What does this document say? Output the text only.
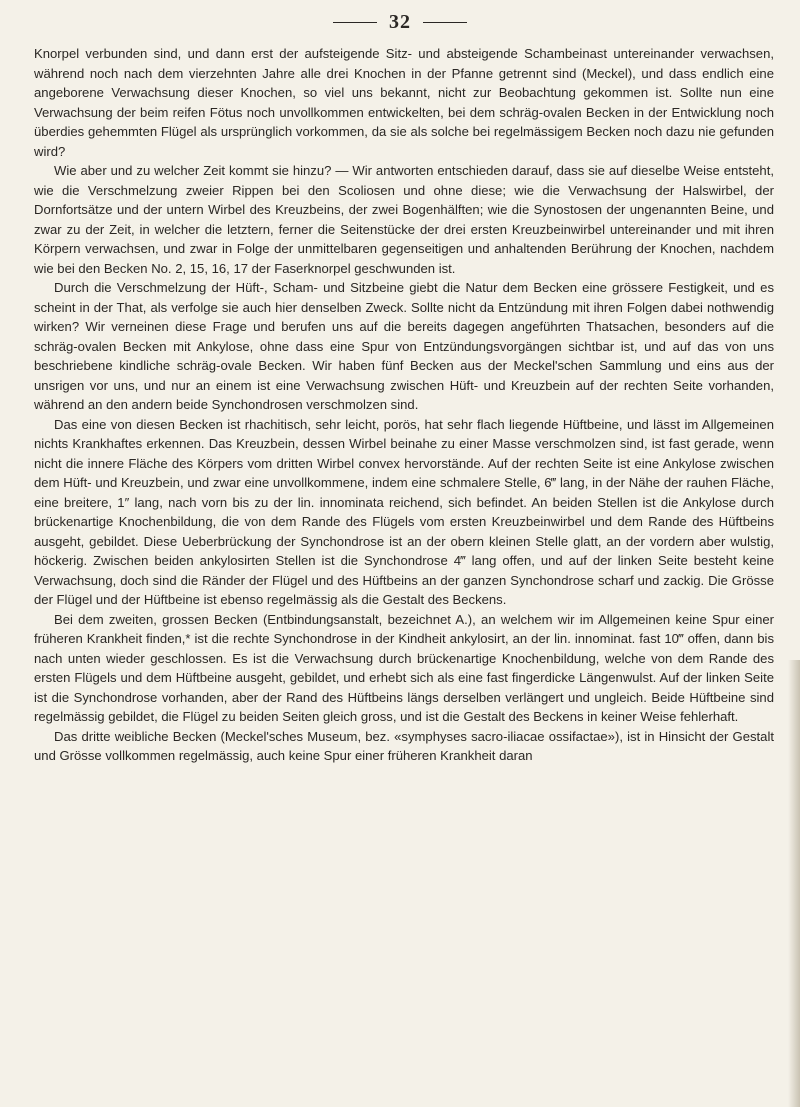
32

Knorpel verbunden sind, und dann erst der aufsteigende Sitz- und absteigende Schambeinast untereinander verwachsen, während noch nach dem vierzehnten Jahre alle drei Knochen in der Pfanne getrennt sind (Meckel), und dass endlich eine angeborene Verwachsung dieser Knochen, so viel uns bekannt, nicht zur Beobachtung gekommen ist. Sollte nun eine Verwachsung der beim reifen Fötus noch unvollkommen entwickelten, bei dem schräg-ovalen Becken in der Entwicklung noch überdies gehemmten Flügel als ursprünglich vorkommen, da sie als solche bei regelmässigem Becken noch dazu nie gefunden wird?

Wie aber und zu welcher Zeit kommt sie hinzu? — Wir antworten entschieden darauf, dass sie auf dieselbe Weise entsteht, wie die Verschmelzung zweier Rippen bei den Scoliosen und ohne diese; wie die Verwachsung der Halswirbel, der Dornfortsätze und der untern Wirbel des Kreuzbeins, der zwei Bogenhälften; wie die Synostosen der ungenannten Beine, und zwar zu der Zeit, in welcher die letztern, ferner die Seitenstücke der drei ersten Kreuzbeinwirbel untereinander und mit ihren Körpern verwachsen, und zwar in Folge der unmittelbaren gegenseitigen und anhaltenden Berührung der Knochen, nachdem wie bei den Becken No. 2, 15, 16, 17 der Faserknorpel geschwunden ist.

Durch die Verschmelzung der Hüft-, Scham- und Sitzbeine giebt die Natur dem Becken eine grössere Festigkeit, und es scheint in der That, als verfolge sie auch hier denselben Zweck. Sollte nicht da Entzündung mit ihren Folgen dabei nothwendig wirken? Wir verneinen diese Frage und berufen uns auf die bereits dagegen angeführten Thatsachen, besonders auf die schräg-ovalen Becken mit Ankylose, ohne dass eine Spur von Entzündungsvorgängen sichtbar ist, und auf das von uns beschriebene kindliche schräg-ovale Becken. Wir haben fünf Becken aus der Meckel'schen Sammlung und eins aus der unsrigen vor uns, und nur an einem ist eine Verwachsung zwischen Hüft- und Kreuzbein auf der rechten Seite vorhanden, während an den andern beide Synchondrosen verschmolzen sind.

Das eine von diesen Becken ist rhachitisch, sehr leicht, porös, hat sehr flach liegende Hüftbeine, und lässt im Allgemeinen nichts Krankhaftes erkennen. Das Kreuzbein, dessen Wirbel beinahe zu einer Masse verschmolzen sind, ist fast gerade, wenn nicht die innere Fläche des Körpers vom dritten Wirbel convex hervorstände. Auf der rechten Seite ist eine Ankylose zwischen dem Hüft- und Kreuzbein, und zwar eine unvollkommene, indem eine schmalere Stelle, 6‴ lang, in der Nähe der rauhen Fläche, eine breitere, 1″ lang, nach vorn bis zu der lin. innominata reichend, sich befindet. An beiden Stellen ist die Ankylose durch brückenartige Knochenbildung, die von dem Rande des Flügels vom ersten Kreuzbeinwirbel und dem Rande des Hüftbeins ausgeht, gebildet. Diese Ueberbrückung der Synchondrose ist an der obern kleinen Stelle glatt, an der vordern aber wulstig, höckerig. Zwischen beiden ankylosirten Stellen ist die Synchondrose 4‴ lang offen, und auf der linken Seite besteht keine Verwachsung, doch sind die Ränder der Flügel und des Hüftbeins an der ganzen Synchondrose scharf und zackig. Die Grösse der Flügel und der Hüftbeine ist ebenso regelmässig als die Gestalt des Beckens.

Bei dem zweiten, grossen Becken (Entbindungsanstalt, bezeichnet A.), an welchem wir im Allgemeinen keine Spur einer früheren Krankheit finden,* ist die rechte Synchondrose in der Kindheit ankylosirt, an der lin. innominat. fast 10‴ offen, dann bis nach unten wieder geschlossen. Es ist die Verwachsung durch brückenartige Knochenbildung, welche von dem Rande des ersten Flügels und dem Hüftbeine ausgeht, gebildet, und erhebt sich als eine fast fingerdicke Längenwulst. Auf der linken Seite ist die Synchondrose vorhanden, aber der Rand des Hüftbeins längs derselben verlängert und ungleich. Beide Hüftbeine sind regelmässig gebildet, die Flügel zu beiden Seiten gleich gross, und ist die Gestalt des Beckens in keiner Weise fehlerhaft.

Das dritte weibliche Becken (Meckel'sches Museum, bez. «symphyses sacro-iliacae ossifactae»), ist in Hinsicht der Gestalt und Grösse vollkommen regelmässig, auch keine Spur einer früheren Krankheit daran
